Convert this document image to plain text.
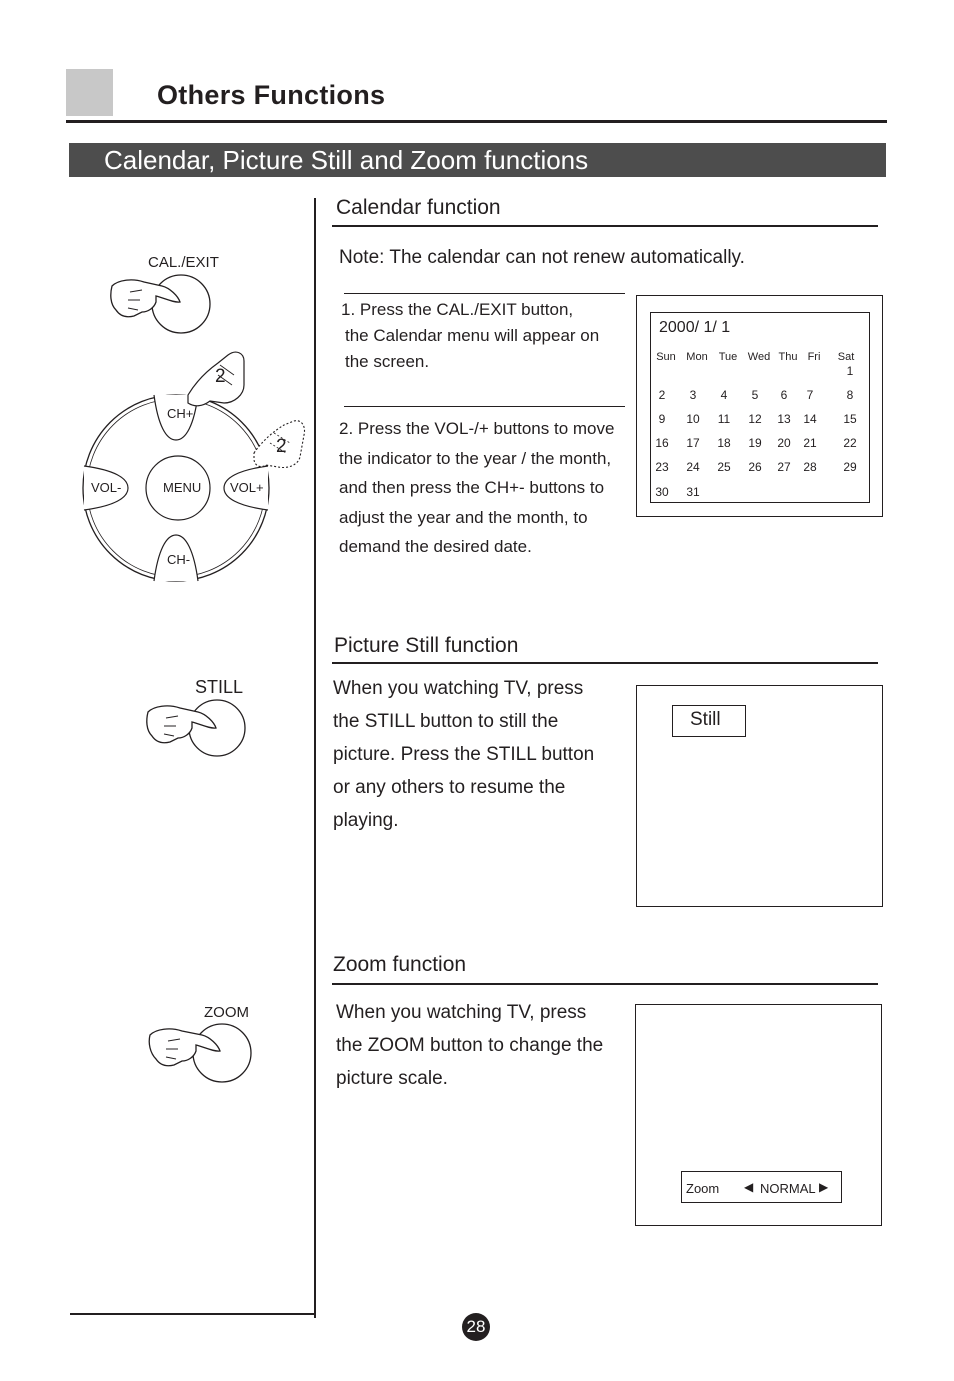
Others Functions
Calendar, Picture Still and Zoom functions
Calendar function
Note: The calendar can not renew automatically.
1. Press the CAL./EXIT button,
the Calendar menu will appear on
the screen.
2. Press the VOL-/+ buttons to move
the indicator to the year / the month,
and then press the CH+- buttons to
adjust the year and the month, to
demand the desired date.
2000/ 1/ 1
Sun Mon Tue Wed Thu Fri Sat
1
2 3 4 5 6 7	8
9 10 11 12 13 14 15
16 17 18 19 20 21 22
23 24 25 26 27 28 29
30 31
CAL./EXIT
CH+
CH-
VOL-	VOL+
MENU
2
2
Picture Still function
When you watching TV, press
the STILL button to still the
picture. Press the STILL button
or any others to resume the
playing.
Still
STILL
Zoom function
When you watching TV, press
the ZOOM button to change the
picture scale.
Zoom ◀ NORMAL ▶
ZOOM
28
